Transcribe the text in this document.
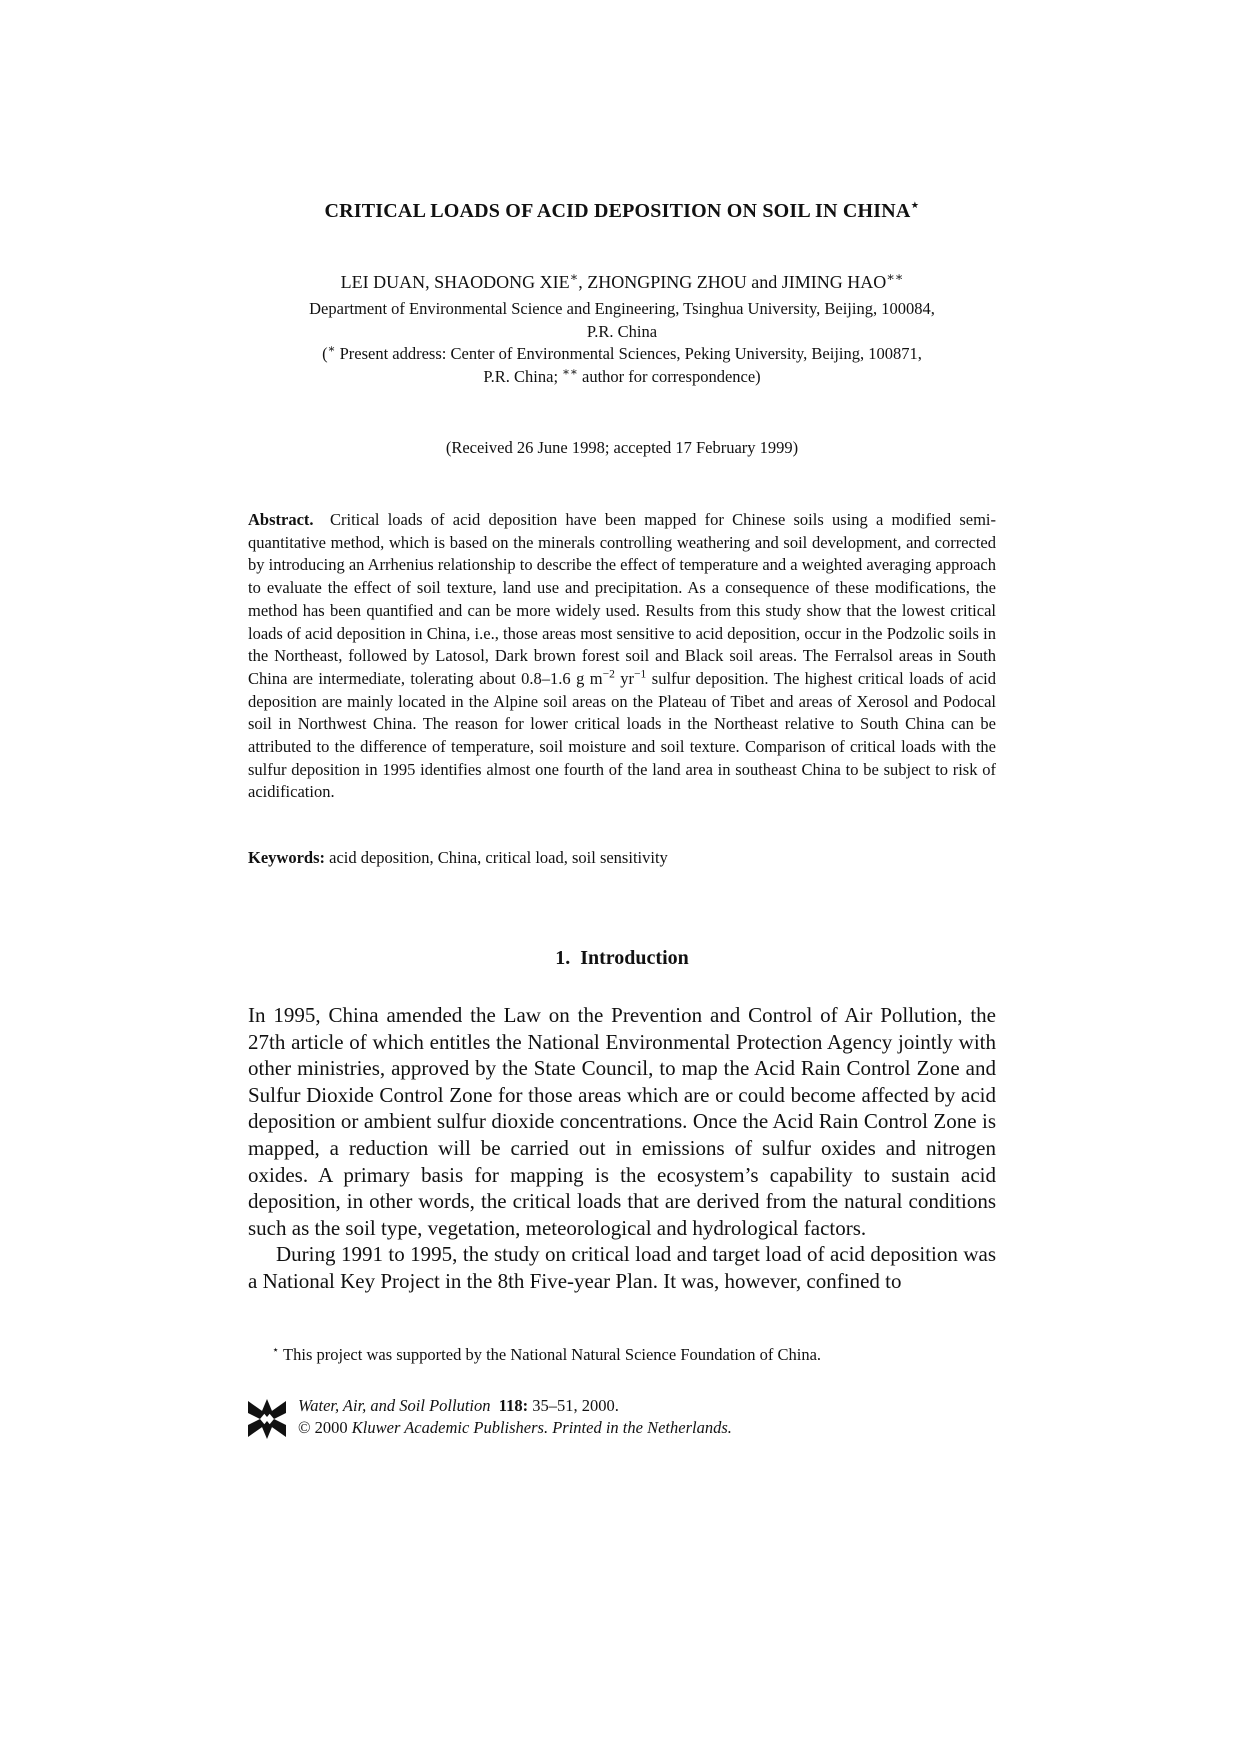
CRITICAL LOADS OF ACID DEPOSITION ON SOIL IN CHINA⋆
LEI DUAN, SHAODONG XIE∗, ZHONGPING ZHOU and JIMING HAO∗∗
Department of Environmental Science and Engineering, Tsinghua University, Beijing, 100084,
P.R. China
(∗ Present address: Center of Environmental Sciences, Peking University, Beijing, 100871,
P.R. China; ∗∗ author for correspondence)
(Received 26 June 1998; accepted 17 February 1999)
Abstract. Critical loads of acid deposition have been mapped for Chinese soils using a modified semi-quantitative method, which is based on the minerals controlling weathering and soil development, and corrected by introducing an Arrhenius relationship to describe the effect of temperature and a weighted averaging approach to evaluate the effect of soil texture, land use and precipitation. As a consequence of these modifications, the method has been quantified and can be more widely used. Results from this study show that the lowest critical loads of acid deposition in China, i.e., those areas most sensitive to acid deposition, occur in the Podzolic soils in the Northeast, followed by Latosol, Dark brown forest soil and Black soil areas. The Ferralsol areas in South China are intermediate, tolerating about 0.8–1.6 g $m^{-2}$ $yr^{-1}$ sulfur deposition. The highest critical loads of acid deposition are mainly located in the Alpine soil areas on the Plateau of Tibet and areas of Xerosol and Podocal soil in Northwest China. The reason for lower critical loads in the Northeast relative to South China can be attributed to the difference of temperature, soil moisture and soil texture. Comparison of critical loads with the sulfur deposition in 1995 identifies almost one fourth of the land area in southeast China to be subject to risk of acidification.
Keywords: acid deposition, China, critical load, soil sensitivity
1. Introduction

In 1995, China amended the Law on the Prevention and Control of Air Pollution, the 27th article of which entitles the National Environmental Protection Agency jointly with other ministries, approved by the State Council, to map the Acid Rain Control Zone and Sulfur Dioxide Control Zone for those areas which are or could become affected by acid deposition or ambient sulfur dioxide concentrations. Once the Acid Rain Control Zone is mapped, a reduction will be carried out in emissions of sulfur oxides and nitrogen oxides. A primary basis for mapping is the ecosystem’s capability to sustain acid deposition, in other words, the critical loads that are derived from the natural conditions such as the soil type, vegetation, meteorological and hydrological factors.

During 1991 to 1995, the study on critical load and target load of acid deposition was a National Key Project in the 8th Five-year Plan. It was, however, confined to

⋆ This project was supported by the National Natural Science Foundation of China.
Water, Air, and Soil Pollution 118: 35–51, 2000.
© 2000 Kluwer Academic Publishers. Printed in the Netherlands.
